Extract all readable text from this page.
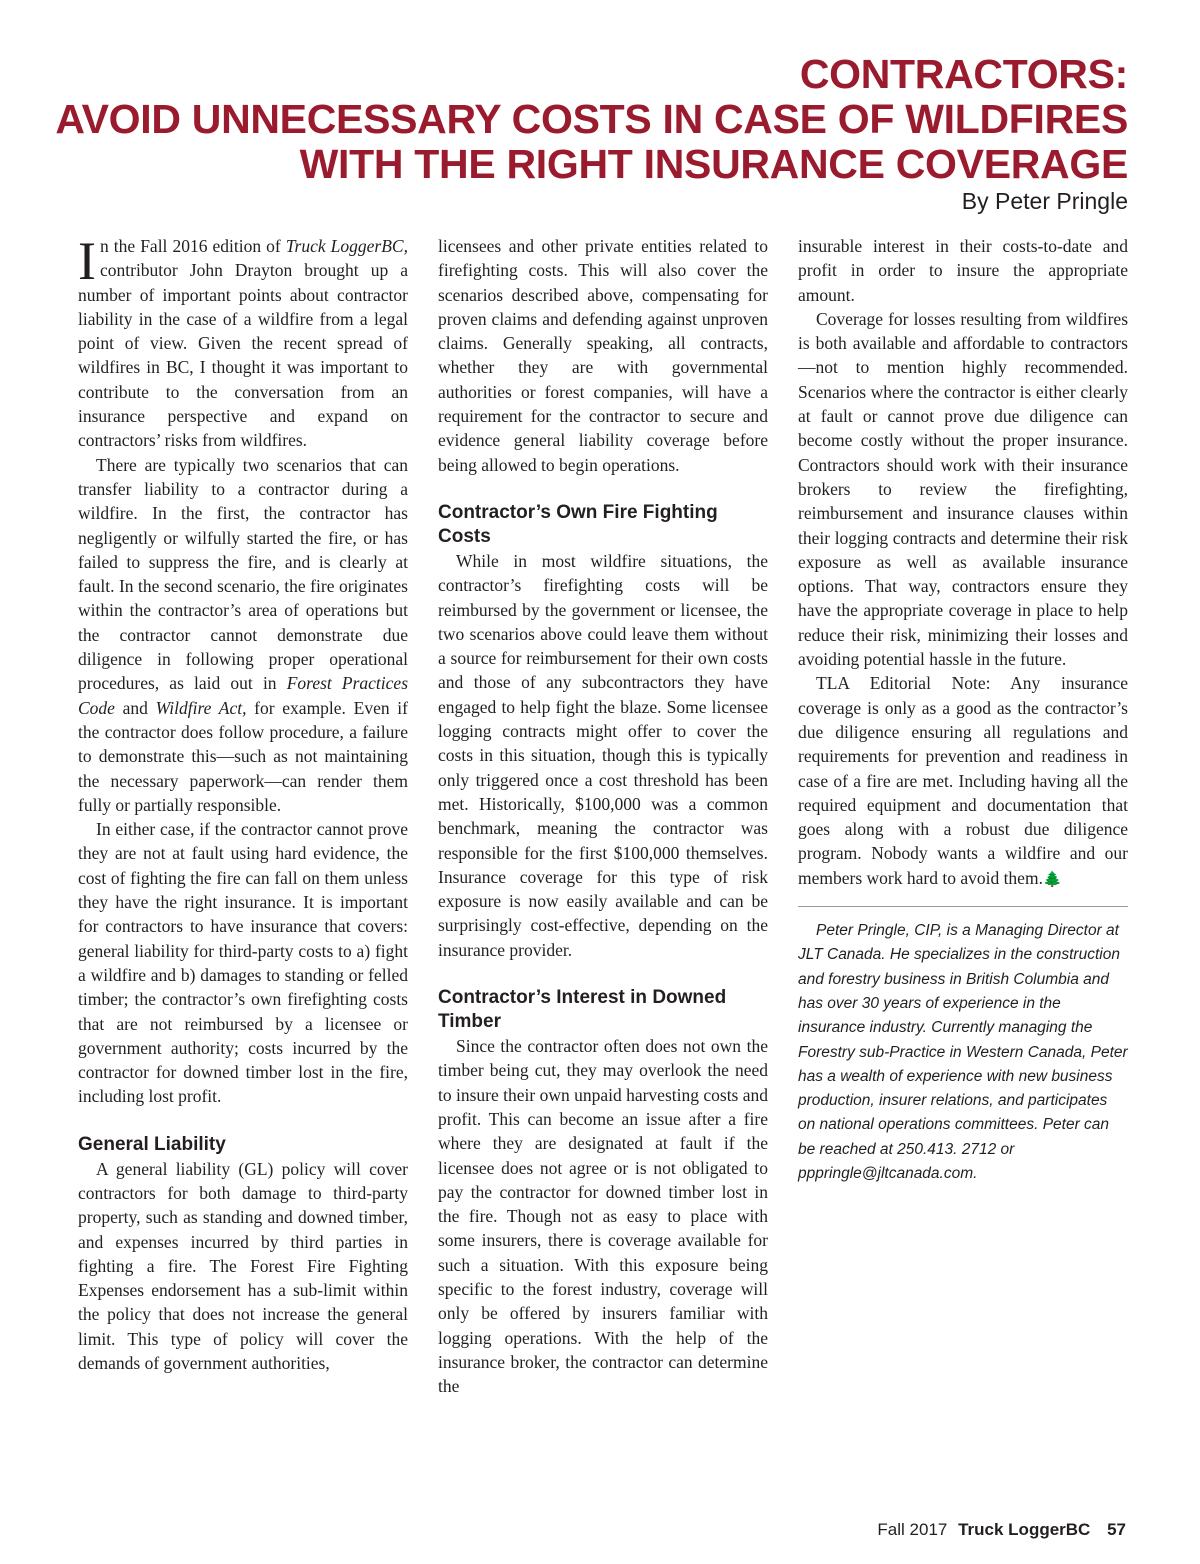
CONTRACTORS:
AVOID UNNECESSARY COSTS IN CASE OF WILDFIRES
WITH THE RIGHT INSURANCE COVERAGE
By Peter Pringle

In the Fall 2016 edition of Truck LoggerBC, contributor John Drayton brought up a number of important points about contractor liability in the case of a wildfire from a legal point of view. Given the recent spread of wildfires in BC, I thought it was important to contribute to the conversation from an insurance perspective and expand on contractors’ risks from wildfires.

There are typically two scenarios that can transfer liability to a contractor during a wildfire. In the first, the contractor has negligently or wilfully started the fire, or has failed to suppress the fire, and is clearly at fault. In the second scenario, the fire originates within the contractor’s area of operations but the contractor cannot demonstrate due diligence in following proper operational procedures, as laid out in Forest Practices Code and Wildfire Act, for example. Even if the contractor does follow procedure, a failure to demonstrate this—such as not maintaining the necessary paperwork—can render them fully or partially responsible.

In either case, if the contractor cannot prove they are not at fault using hard evidence, the cost of fighting the fire can fall on them unless they have the right insurance. It is important for contractors to have insurance that covers: general liability for third-party costs to a) fight a wildfire and b) damages to standing or felled timber; the contractor’s own firefighting costs that are not reimbursed by a licensee or government authority; costs incurred by the contractor for downed timber lost in the fire, including lost profit.

General Liability

A general liability (GL) policy will cover contractors for both damage to third-party property, such as standing and downed timber, and expenses incurred by third parties in fighting a fire. The Forest Fire Fighting Expenses endorsement has a sub-limit within the policy that does not increase the general limit. This type of policy will cover the demands of government authorities,

licensees and other private entities related to firefighting costs. This will also cover the scenarios described above, compensating for proven claims and defending against unproven claims. Generally speaking, all contracts, whether they are with governmental authorities or forest companies, will have a requirement for the contractor to secure and evidence general liability coverage before being allowed to begin operations.

Contractor’s Own Fire Fighting Costs

While in most wildfire situations, the contractor’s firefighting costs will be reimbursed by the government or licensee, the two scenarios above could leave them without a source for reimbursement for their own costs and those of any subcontractors they have engaged to help fight the blaze. Some licensee logging contracts might offer to cover the costs in this situation, though this is typically only triggered once a cost threshold has been met. Historically, $100,000 was a common benchmark, meaning the contractor was responsible for the first $100,000 themselves. Insurance coverage for this type of risk exposure is now easily available and can be surprisingly cost-effective, depending on the insurance provider.

Contractor’s Interest in Downed Timber

Since the contractor often does not own the timber being cut, they may overlook the need to insure their own unpaid harvesting costs and profit. This can become an issue after a fire where they are designated at fault if the licensee does not agree or is not obligated to pay the contractor for downed timber lost in the fire. Though not as easy to place with some insurers, there is coverage available for such a situation. With this exposure being specific to the forest industry, coverage will only be offered by insurers familiar with logging operations. With the help of the insurance broker, the contractor can determine the

insurable interest in their costs-to-date and profit in order to insure the appropriate amount.

Coverage for losses resulting from wildfires is both available and affordable to contractors—not to mention highly recommended. Scenarios where the contractor is either clearly at fault or cannot prove due diligence can become costly without the proper insurance. Contractors should work with their insurance brokers to review the firefighting, reimbursement and insurance clauses within their logging contracts and determine their risk exposure as well as available insurance options. That way, contractors ensure they have the appropriate coverage in place to help reduce their risk, minimizing their losses and avoiding potential hassle in the future.

TLA Editorial Note: Any insurance coverage is only as a good as the contractor’s due diligence ensuring all regulations and requirements for prevention and readiness in case of a fire are met. Including having all the required equipment and documentation that goes along with a robust due diligence program. Nobody wants a wildfire and our members work hard to avoid them.🌲

Peter Pringle, CIP, is a Managing Director at JLT Canada. He specializes in the construction and forestry business in British Columbia and has over 30 years of experience in the insurance industry. Currently managing the Forestry sub-Practice in Western Canada, Peter has a wealth of experience with new business production, insurer relations, and participates on national operations committees. Peter can be reached at 250.413. 2712 or pppringle@jltcanada.com.

Fall 2017 Truck LoggerBC 57
